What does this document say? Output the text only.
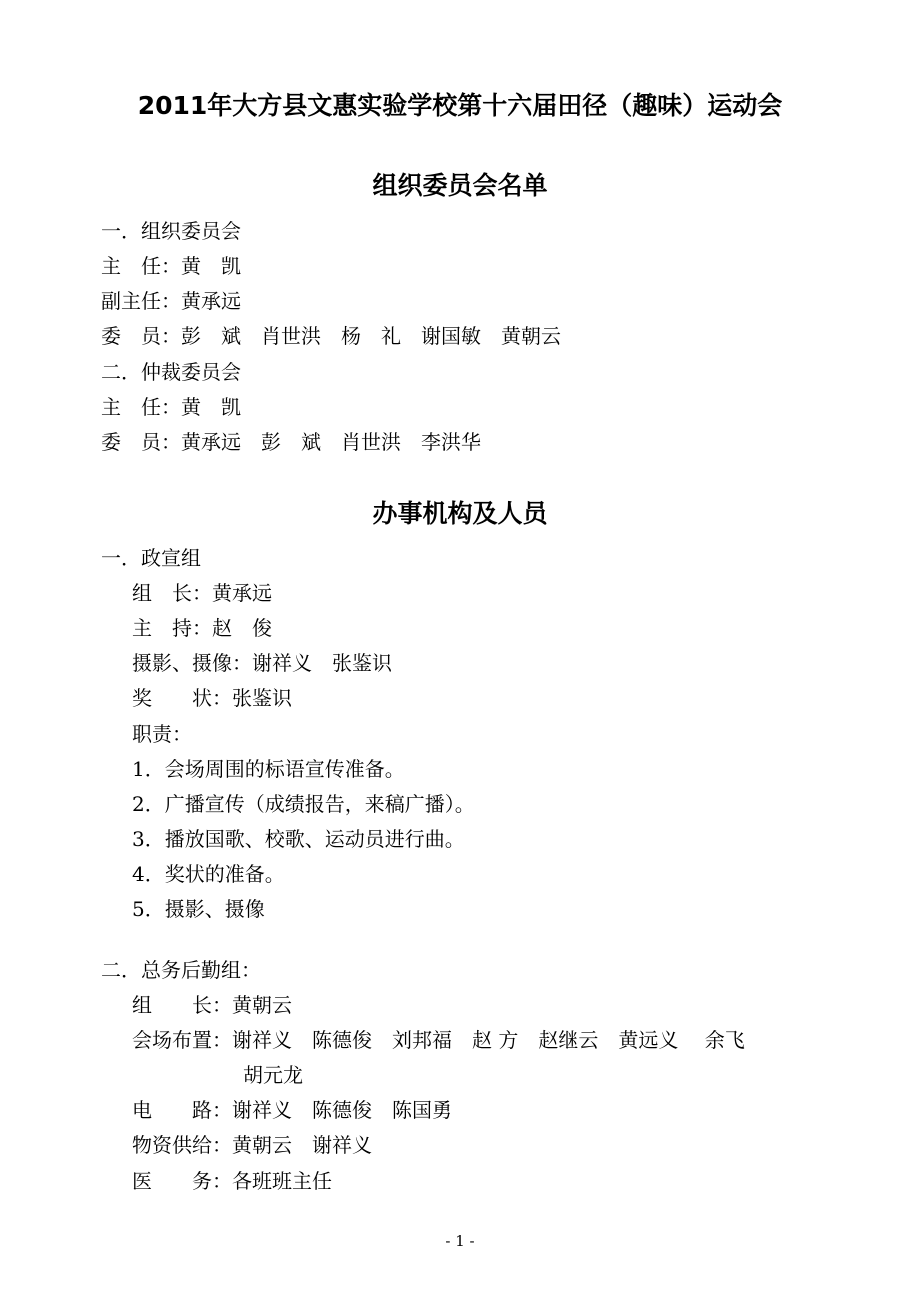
2011年大方县文惠实验学校第十六届田径（趣味）运动会
组织委员会名单
一．组织委员会
主　任：黄　凯
副主任：黄承远
委　员：彭　斌　肖世洪　杨　礼　谢国敏　黄朝云
二．仲裁委员会
主　任：黄　凯
委　员：黄承远　彭　斌　肖世洪　李洪华
办事机构及人员
一．政宣组
组　长：黄承远
主　持：赵　俊
摄影、摄像：谢祥义　张鉴识
奖　　状：张鉴识
职责：
1．会场周围的标语宣传准备。
2．广播宣传（成绩报告，来稿广播）。
3．播放国歌、校歌、运动员进行曲。
4．奖状的准备。
5．摄影、摄像
二．总务后勤组：
组　　长：黄朝云
会场布置：谢祥义　陈德俊　刘邦福　赵 方　赵继云　黄远义　 余飞
胡元龙
电　　路：谢祥义　陈德俊　陈国勇
物资供给：黄朝云　谢祥义
医　　务：各班班主任
- 1 -
